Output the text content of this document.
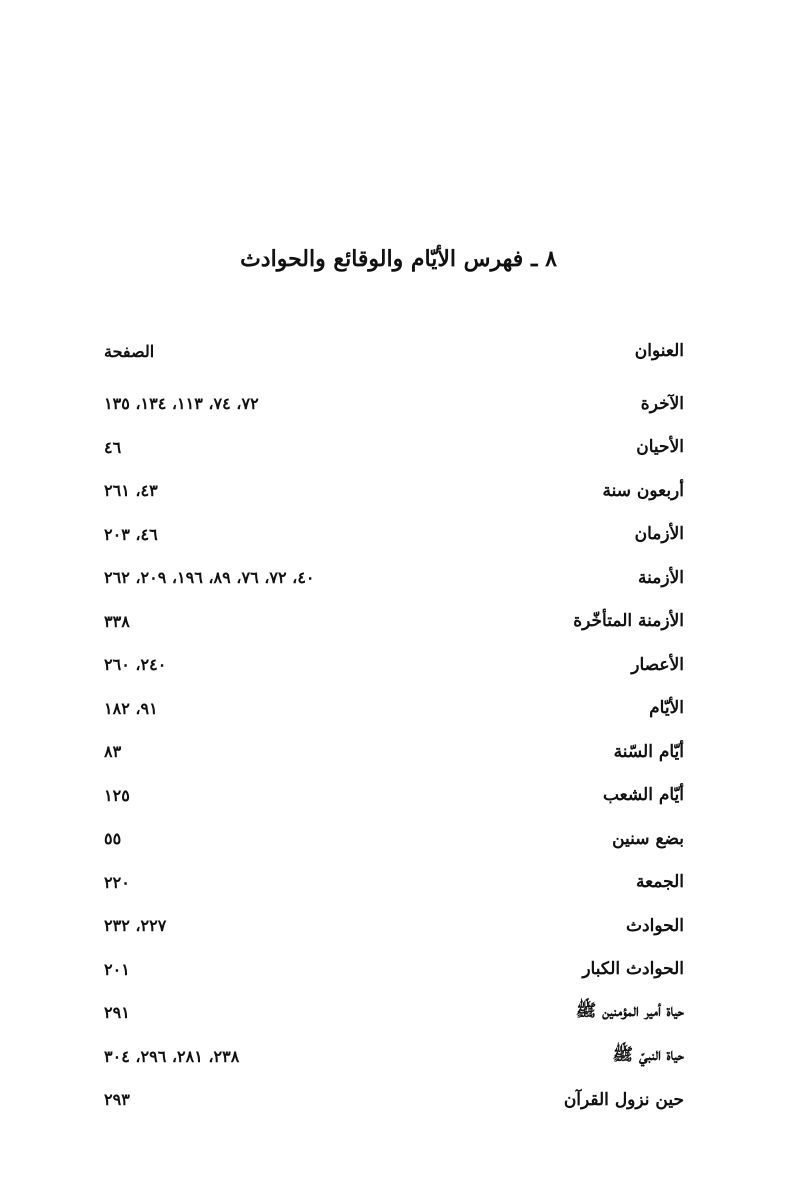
٨ ـ فهرس الأيّام والوقائع والحوادث
العنوان
الصفحة
الآخرة
٧٢، ٧٤، ١١٣، ١٣٤، ١٣٥
الأحيان
٤٦
أربعون سنة
٤٣، ٢٦١
الأزمان
٤٦، ٢٠٣
الأزمنة
٤٠، ٧٢، ٧٦، ٨٩، ١٩٦، ٢٠٩، ٢٦٢
الأزمنة المتأخّرة
٣٣٨
الأعصار
٢٤٠، ٢٦٠
الأيّام
٩١، ١٨٢
أيّام السّنة
٨٣
أيّام الشعب
١٢٥
بضع سنين
٥٥
الجمعة
٢٢٠
الحوادث
٢٢٧، ٢٣٢
الحوادث الكبار
٢٠١
حياة أمير المؤمنين ﷺ
٢٩١
حياة النبيّ ﷺ
٢٣٨، ٢٨١، ٢٩٦، ٣٠٤
حين نزول القرآن
٢٩٣
